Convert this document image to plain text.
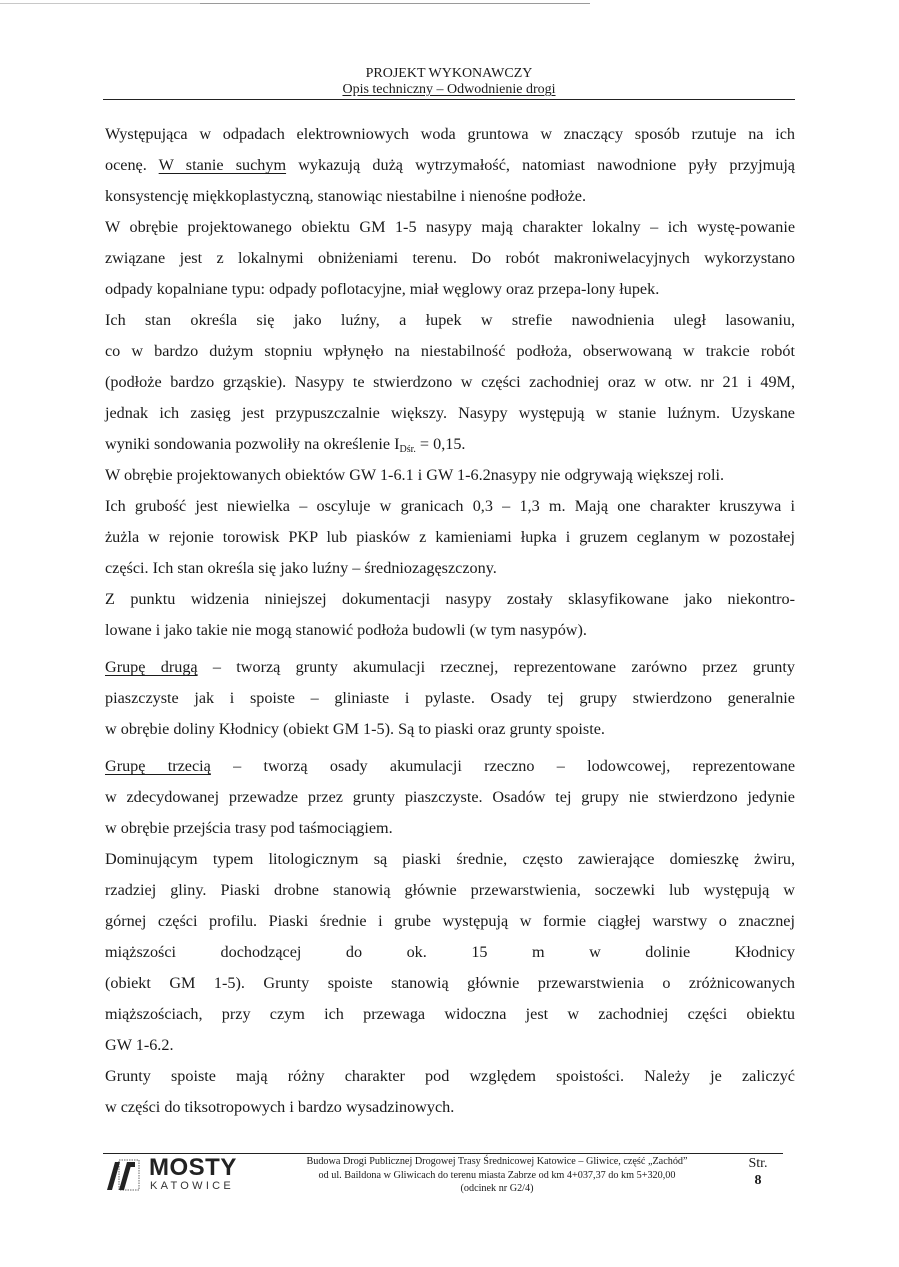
PROJEKT WYKONAWCZY
Opis techniczny – Odwodnienie drogi
Występująca w odpadach elektrowniowych woda gruntowa w znaczący sposób rzutuje na ich
ocenę. W stanie suchym wykazują dużą wytrzymałość, natomiast nawodnione pyły przyjmują
konsystencję miękkoplastyczną, stanowiąc niestabilne i nienośne podłoże.
W obrębie projektowanego obiektu GM 1-5 nasypy mają charakter lokalny – ich wystę-powanie
związane jest z lokalnymi obniżeniami terenu. Do robót makroniwelacyjnych wykorzystano
odpady kopalniane typu: odpady poflotacyjne, miał węglowy oraz przepa-lony łupek.
Ich stan określa się jako luźny, a łupek w strefie nawodnienia uległ lasowaniu,
co w bardzo dużym stopniu wpłynęło na niestabilność podłoża, obserwowaną w trakcie robót
(podłoże bardzo grząskie). Nasypy te stwierdzono w części zachodniej oraz w otw. nr 21 i 49M,
jednak ich zasięg jest przypuszczalnie większy. Nasypy występują w stanie luźnym. Uzyskane
wyniki sondowania pozwoliły na określenie $I_{Dśr.} = 0,15$.
W obrębie projektowanych obiektów GW 1-6.1 i GW 1-6.2nasypy nie odgrywają większej roli.
Ich grubość jest niewielka – oscyluje w granicach 0,3 – 1,3 m. Mają one charakter kruszywa i
żużla w rejonie torowisk PKP lub piasków z kamieniami łupka i gruzem ceglanym w pozostałej
części. Ich stan określa się jako luźny – średniozagęszczony.
Z punktu widzenia niniejszej dokumentacji nasypy zostały sklasyfikowane jako niekontro-
lowane i jako takie nie mogą stanowić podłoża budowli (w tym nasypów).
Grupę drugą – tworzą grunty akumulacji rzecznej, reprezentowane zarówno przez grunty
piaszczyste jak i spoiste – gliniaste i pylaste. Osady tej grupy stwierdzono generalnie
w obrębie doliny Kłodnicy (obiekt GM 1-5). Są to piaski oraz grunty spoiste.
Grupę trzecią – tworzą osady akumulacji rzeczno – lodowcowej, reprezentowane
w zdecydowanej przewadze przez grunty piaszczyste. Osadów tej grupy nie stwierdzono jedynie
w obrębie przejścia trasy pod taśmociągiem.
Dominującym typem litologicznym są piaski średnie, często zawierające domieszkę żwiru,
rzadziej gliny. Piaski drobne stanowią głównie przewarstwienia, soczewki lub występują w
górnej części profilu. Piaski średnie i grube występują w formie ciągłej warstwy o znacznej
miąższości dochodzącej do ok. 15 m w dolinie Kłodnicy
(obiekt GM 1-5). Grunty spoiste stanowią głównie przewarstwienia o zróżnicowanych
miąższościach, przy czym ich przewaga widoczna jest w zachodniej części obiektu
GW 1-6.2.
Grunty spoiste mają różny charakter pod względem spoistości. Należy je zaliczyć
w części do tiksotropowych i bardzo wysadzinowych.
MOSTY
KATOWICE
Budowa Drogi Publicznej Drogowej Trasy Średnicowej Katowice – Gliwice, część „Zachód”
od ul. Baildona w Gliwicach do terenu miasta Zabrze od km 4+037,37 do km 5+320,00
(odcinek nr G2/4)
Str.
8
